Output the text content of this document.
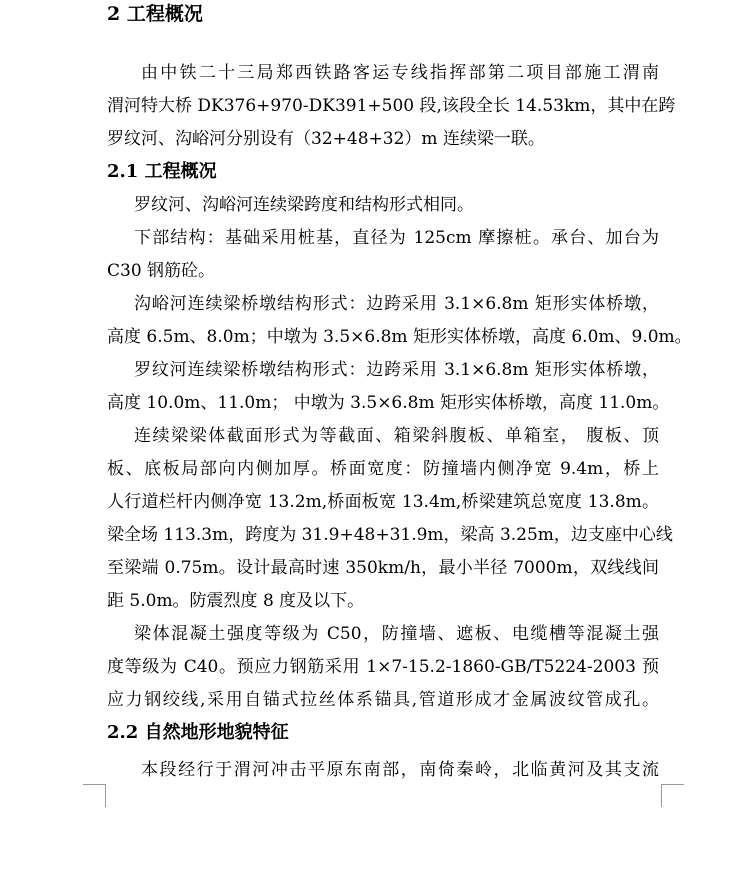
2 工程概况
由中铁二十三局郑西铁路客运专线指挥部第二项目部施工渭南
渭河特大桥 DK376+970-DK391+500 段,该段全长 14.53km，其中在跨
罗纹河、沟峪河分别设有（32+48+32）m 连续梁一联。
2.1 工程概况
罗纹河、沟峪河连续梁跨度和结构形式相同。
下部结构：基础采用桩基，直径为 125cm 摩擦桩。承台、加台为
C30 钢筋砼。
沟峪河连续梁桥墩结构形式：边跨采用 3.1×6.8m 矩形实体桥墩，
高度 6.5m、8.0m；中墩为 3.5×6.8m 矩形实体桥墩，高度 6.0m、9.0m。
罗纹河连续梁桥墩结构形式：边跨采用 3.1×6.8m 矩形实体桥墩，
高度 10.0m、11.0m； 中墩为 3.5×6.8m 矩形实体桥墩，高度 11.0m。
连续梁梁体截面形式为等截面、箱梁斜腹板、单箱室， 腹板、顶
板、底板局部向内侧加厚。桥面宽度：防撞墙内侧净宽 9.4m，桥上
人行道栏杆内侧净宽 13.2m,桥面板宽 13.4m,桥梁建筑总宽度 13.8m。
梁全场 113.3m，跨度为 31.9+48+31.9m，梁高 3.25m，边支座中心线
至梁端 0.75m。设计最高时速 350km/h，最小半径 7000m，双线线间
距 5.0m。防震烈度 8 度及以下。
梁体混凝土强度等级为 C50，防撞墙、遮板、电缆槽等混凝土强
度等级为 C40。预应力钢筋采用 1×7-15.2-1860-GB/T5224-2003 预
应力钢绞线,采用自锚式拉丝体系锚具,管道形成才金属波纹管成孔。
2.2 自然地形地貌特征
本段经行于渭河冲击平原东南部，南倚秦岭，北临黄河及其支流
